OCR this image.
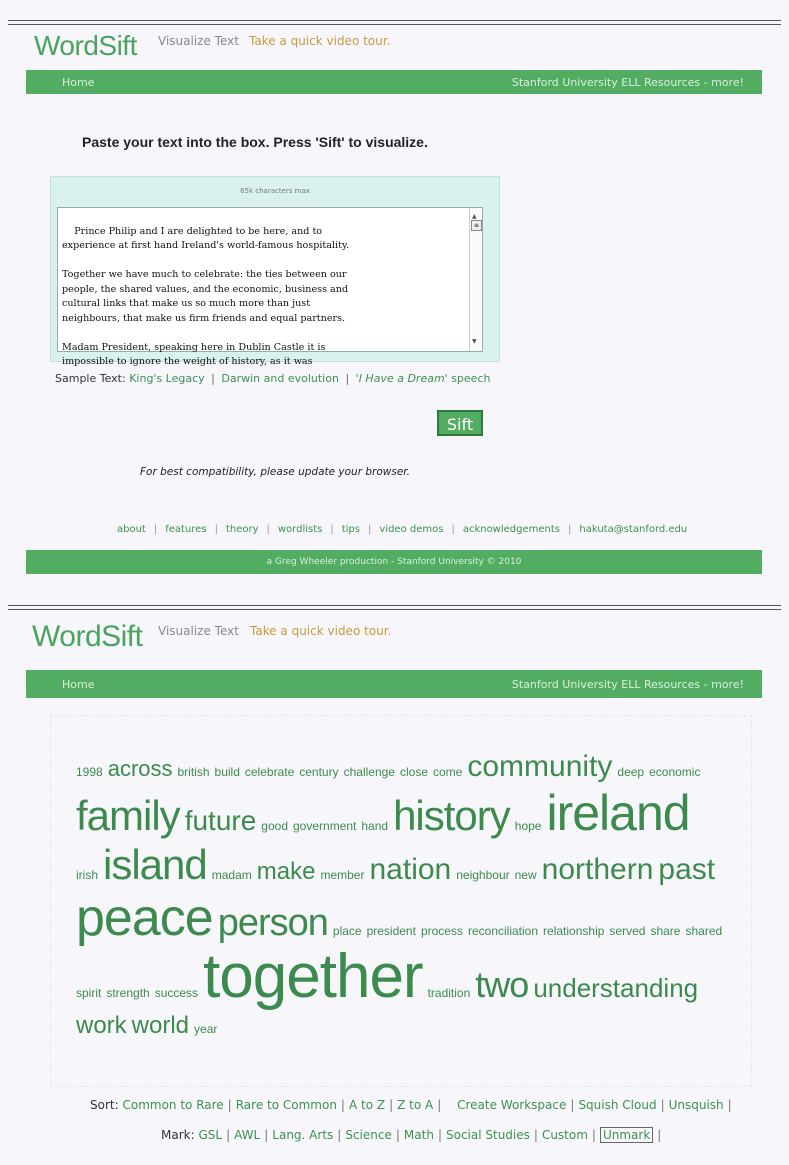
WordSift Visualize Text Take a quick video tour.
Home	Stanford University ELL Resources - more!
Paste your text into the box. Press 'Sift' to visualize.
65k characters max

Prince Philip and I are delighted to be here, and to
experience at first hand Ireland's world-famous hospitality.

Together we have much to celebrate: the ties between our
people, the shared values, and the economic, business and
cultural links that make us so much more than just
neighbours, that make us firm friends and equal partners.

Madam President, speaking here in Dublin Castle it is
impossible to ignore the weight of history, as it was

▲

≡

▼

Sample Text: King's Legacy | Darwin and evolution | 'I Have a Dream' speech
Sift
For best compatibility, please update your browser.
about | features | theory | wordlists | tips | video demos | acknowledgements | hakuta@stanford.edu
a Greg Wheeler production - Stanford University © 2010
WordSift Visualize Text Take a quick video tour.
Home	Stanford University ELL Resources - more!
1998 across british build celebrate century challenge close come community deep economic
family future good government hand history hope ireland
irish island madam make member nation neighbour new northern past
peace person place president process reconciliation relationship served share shared
spirit strength success together tradition two understanding
work world year
Sort: Common to Rare | Rare to Common | A to Z | Z to A | Create Workspace | Squish Cloud | Unsquish |
Mark: GSL | AWL | Lang. Arts | Science | Math | Social Studies | Custom | Unmark |
